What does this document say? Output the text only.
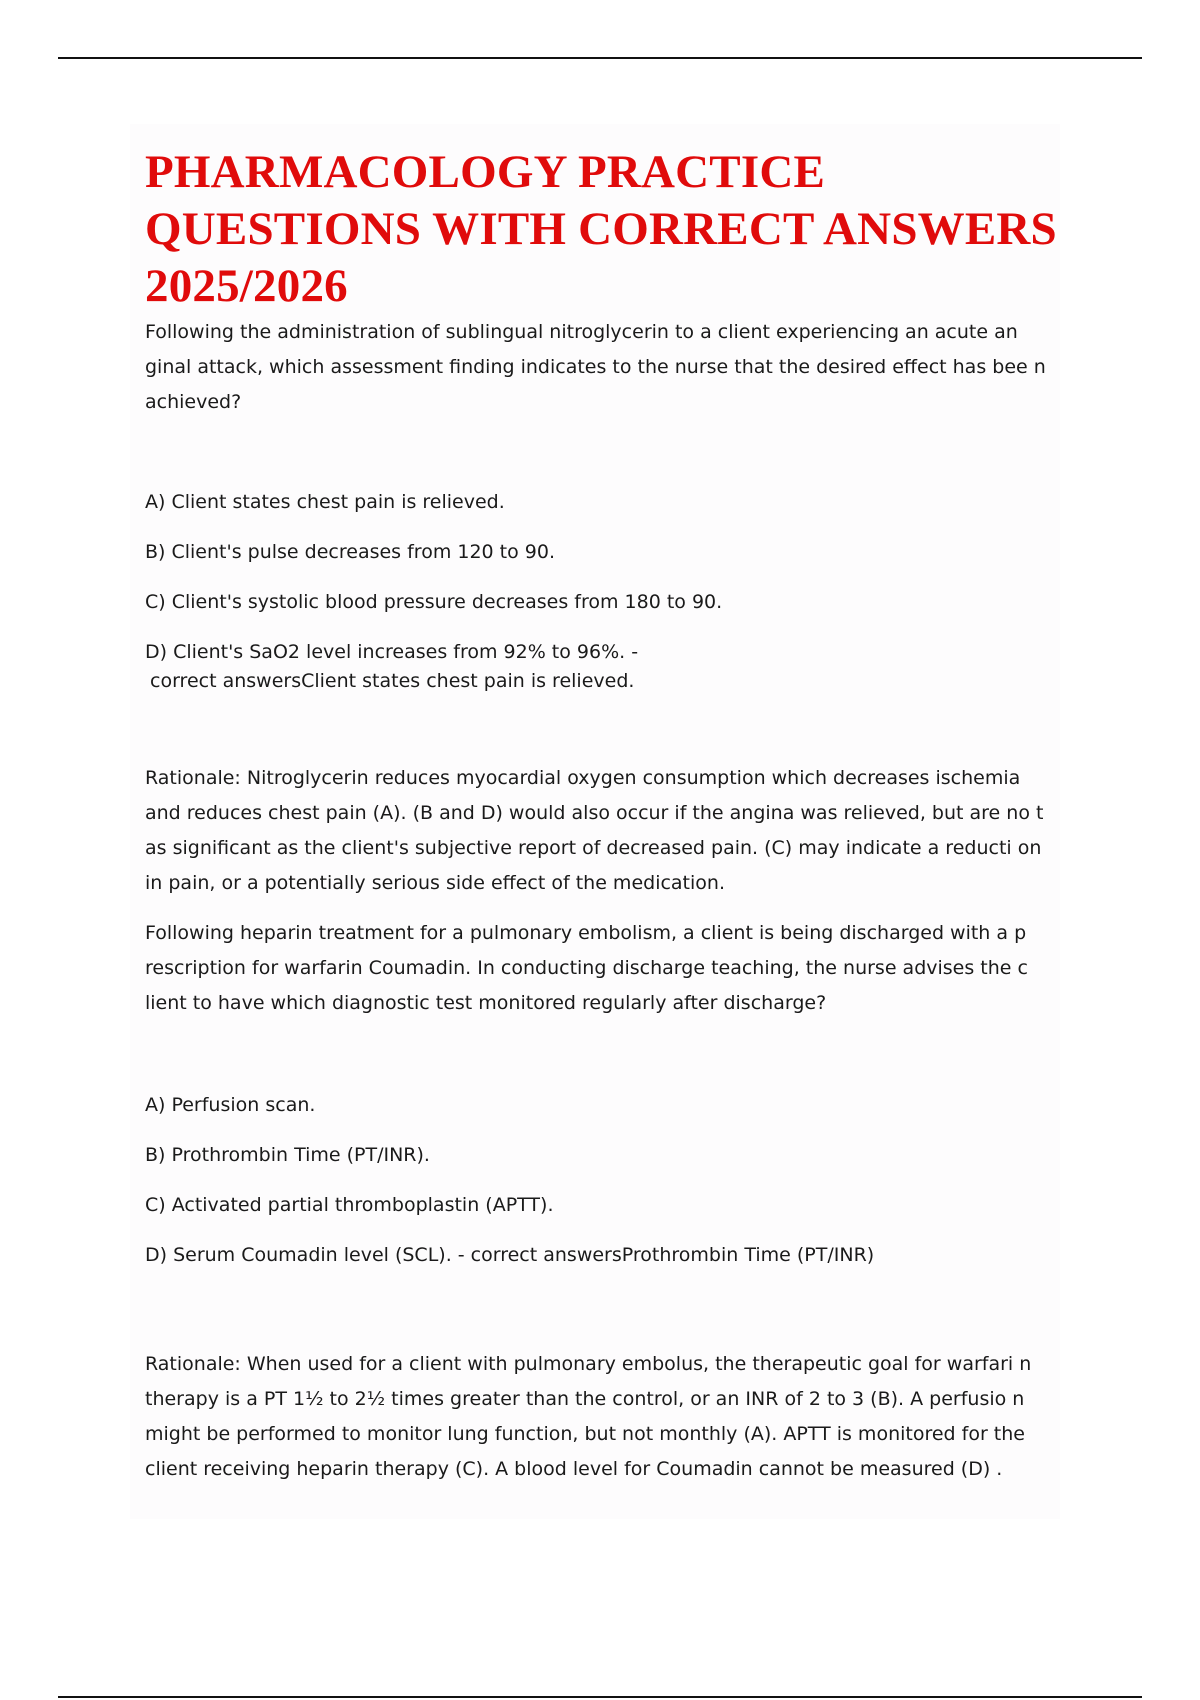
PHARMACOLOGY PRACTICE QUESTIONS WITH CORRECT ANSWERS 2025/2026

Following the administration of sublingual nitroglycerin to a client experiencing an acute an ginal attack, which assessment finding indicates to the nurse that the desired effect has bee n achieved?

A) Client states chest pain is relieved.
B) Client's pulse decreases from 120 to 90.
C) Client's systolic blood pressure decreases from 180 to 90.
D) Client's SaO2 level increases from 92% to 96%. -
correct answersClient states chest pain is relieved.

Rationale: Nitroglycerin reduces myocardial oxygen consumption which decreases ischemia and reduces chest pain (A). (B and D) would also occur if the angina was relieved, but are no t as significant as the client's subjective report of decreased pain. (C) may indicate a reducti on in pain, or a potentially serious side effect of the medication.

Following heparin treatment for a pulmonary embolism, a client is being discharged with a p rescription for warfarin Coumadin. In conducting discharge teaching, the nurse advises the c lient to have which diagnostic test monitored regularly after discharge?

A) Perfusion scan.
B) Prothrombin Time (PT/INR).
C) Activated partial thromboplastin (APTT).
D) Serum Coumadin level (SCL). - correct answersProthrombin Time (PT/INR)

Rationale: When used for a client with pulmonary embolus, the therapeutic goal for warfari n therapy is a PT 1½ to 2½ times greater than the control, or an INR of 2 to 3 (B). A perfusio n might be performed to monitor lung function, but not monthly (A). APTT is monitored for the client receiving heparin therapy (C). A blood level for Coumadin cannot be measured (D) .
